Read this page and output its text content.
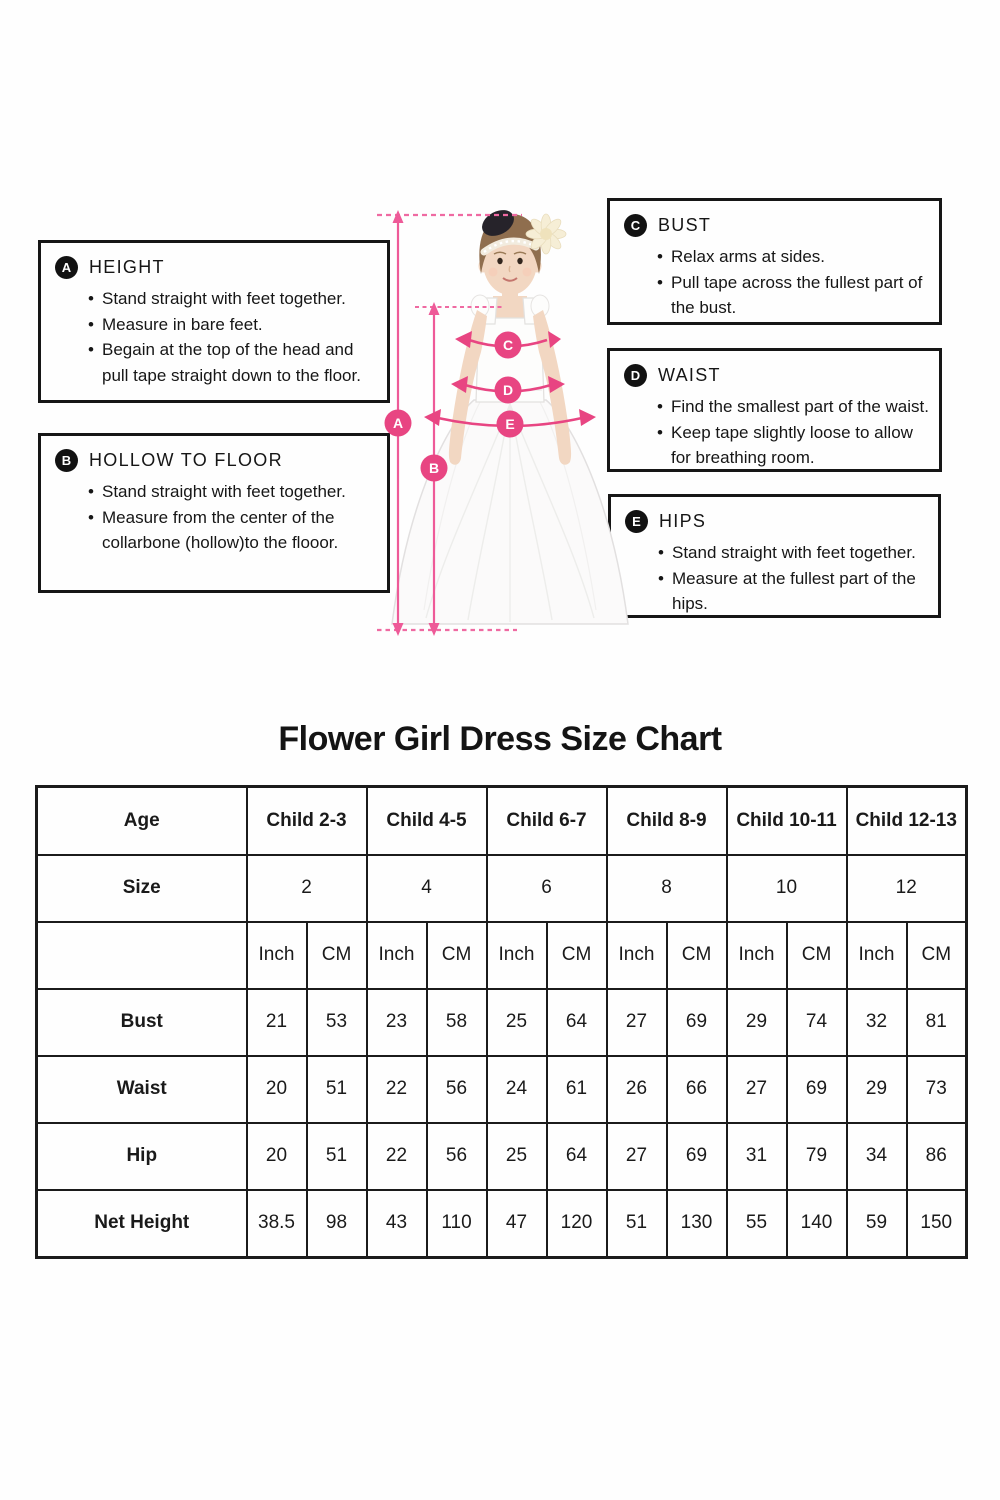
A HEIGHT
• Stand straight with feet together.
• Measure in bare feet.
• Begain at the top of the head and pull tape straight down to the floor.
B HOLLOW TO FLOOR
• Stand straight with feet together.
• Measure from the center of the collarbone (hollow)to the flooor.
C BUST
• Relax arms at sides.
• Pull tape across the fullest part of the bust.
D WAIST
• Find the smallest part of the waist.
• Keep tape slightly loose to allow for breathing room.
E	HIPS
• Stand straight with feet together.
• Measure at the fullest part of the hips.
A
B
C
D
E
Flower Girl Dress Size Chart
Age	Child 2-3		Child 4-5		Child 6-7		Child 8-9		Child 10-11		Child 12-13	
Size	2		4		6		8		10		12	
	Inch	CM	Inch	CM	Inch	CM	Inch	CM	Inch	CM	Inch	CM
Bust	21	53	23	58	25	64	27	69	29	74	32	81
Waist	20	51	22	56	24	61	26	66	27	69	29	73
Hip	20	51	22	56	25	64	27	69	31	79	34	86
Net Height	38.5	98	43	110	47	120	51	130	55	140	59	150
